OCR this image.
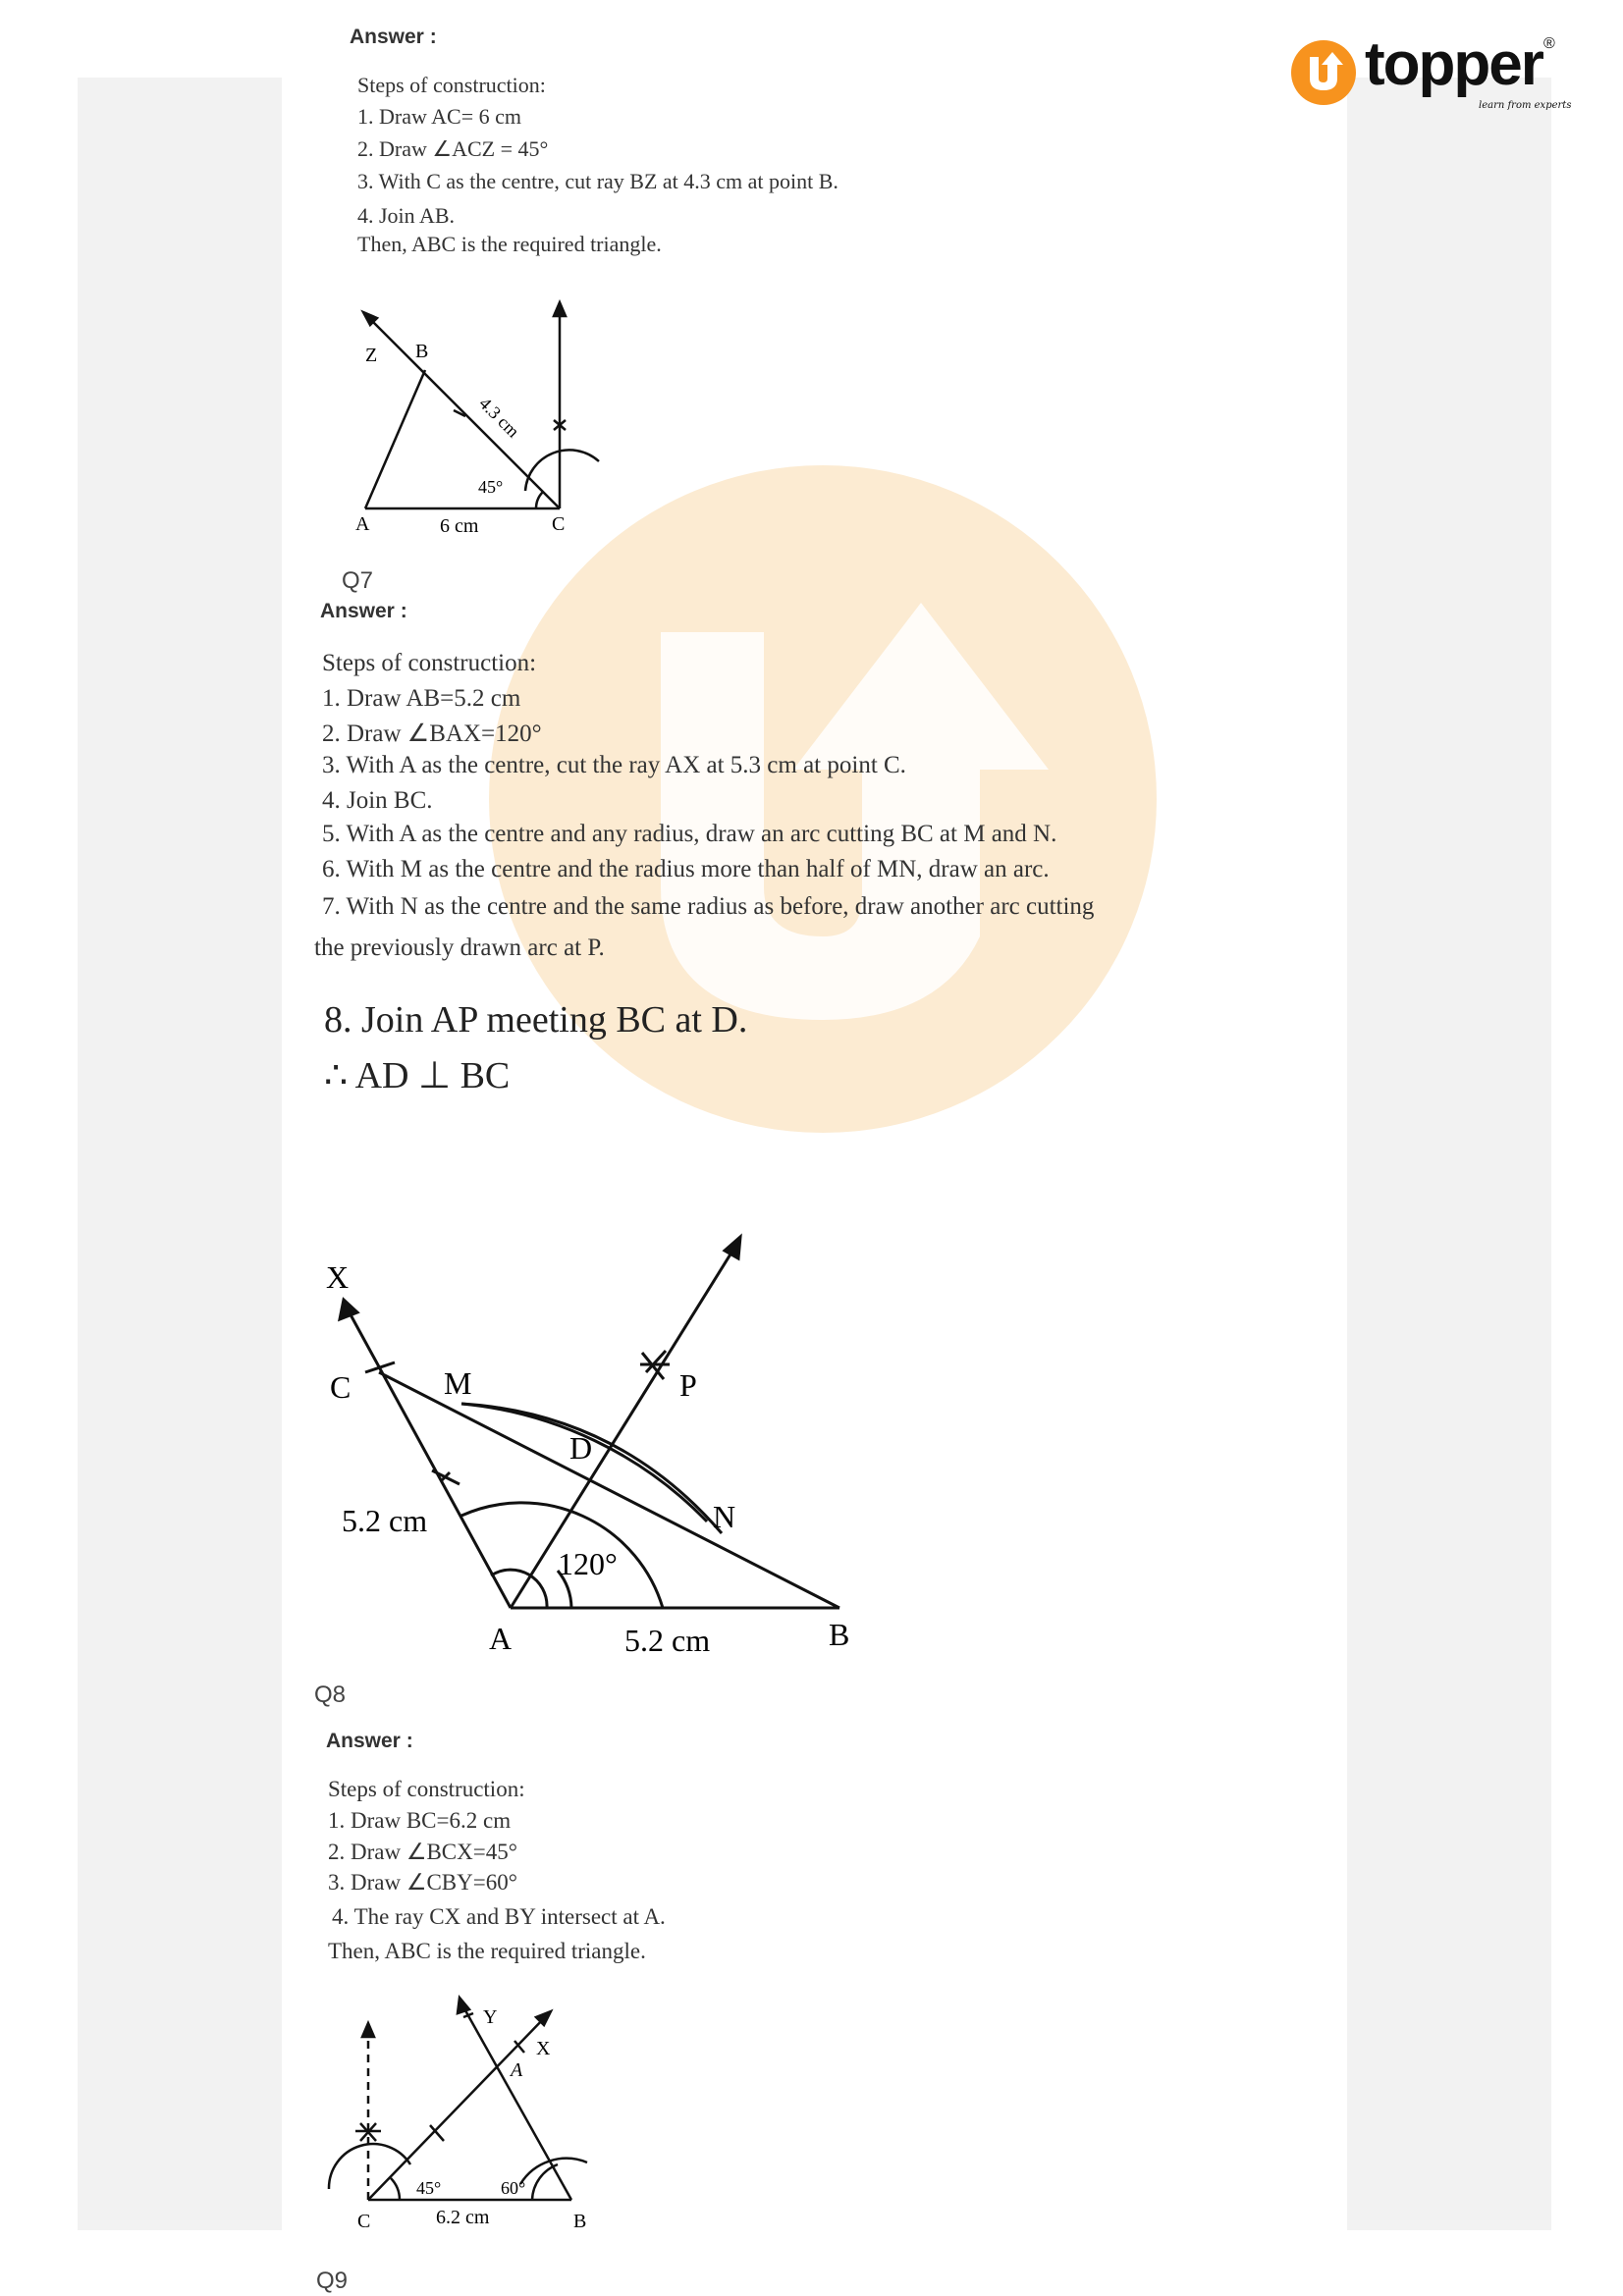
topper ®
learn from experts
Answer :
Steps of construction:
1. Draw AC= 6 cm
2. Draw ∠ACZ = 45°
3. With C as the centre, cut ray BZ at 4.3 cm at point B.
4. Join AB.
Then, ABC is the required triangle.
Z B
A	C
6 cm
45°
4.3 cm
Q7
Answer :
Steps of construction:
1. Draw AB=5.2 cm
2. Draw ∠BAX=120°
3. With A as the centre, cut the ray AX at 5.3 cm at point C.
4. Join BC.
5. With A as the centre and any radius, draw an arc cutting BC at M and N.
6. With M as the centre and the radius more than half of MN, draw an arc.
7. With N as the centre and the same radius as before, draw another arc cutting
the previously drawn arc at P.
8. Join AP meeting BC at D.
∴ AD ⊥ BC
X
C	M	P
D
N
A	B
5.2 cm
5.2 cm
120°
Q8
Answer :
Steps of construction:
1. Draw BC=6.2 cm
2. Draw ∠BCX=45°
3. Draw ∠CBY=60°
4. The ray CX and BY intersect at A.
Then, ABC is the required triangle.
Y
X
A
C	B
6.2 cm
45°	60°
Q9
